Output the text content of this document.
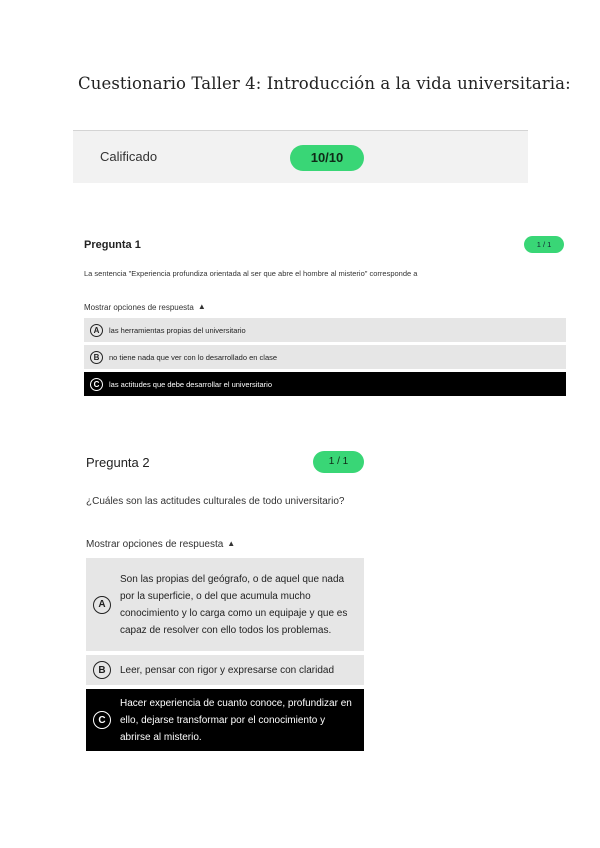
Cuestionario Taller 4: Introducción a la vida universitaria:
Calificado	10/10
Pregunta 1	1 / 1
La sentencia "Experiencia profundiza orientada al ser que abre el hombre al misterio" corresponde a
Mostrar opciones de respuesta ▲
A	las herramientas propias del universitario
B	no tiene nada que ver con lo desarrollado en clase
C	las actitudes que debe desarrollar el universitario
Pregunta 2	1 / 1
¿Cuáles son las actitudes culturales de todo universitario?
Mostrar opciones de respuesta ▲
A
Son las propias del geógrafo, o de aquel que nada por la superficie, o del que acumula mucho conocimiento y lo carga como un equipaje y que es capaz de resolver con ello todos los problemas.
B	Leer, pensar con rigor y expresarse con claridad
C
Hacer experiencia de cuanto conoce, profundizar en ello, dejarse transformar por el conocimiento y abrirse al misterio.
